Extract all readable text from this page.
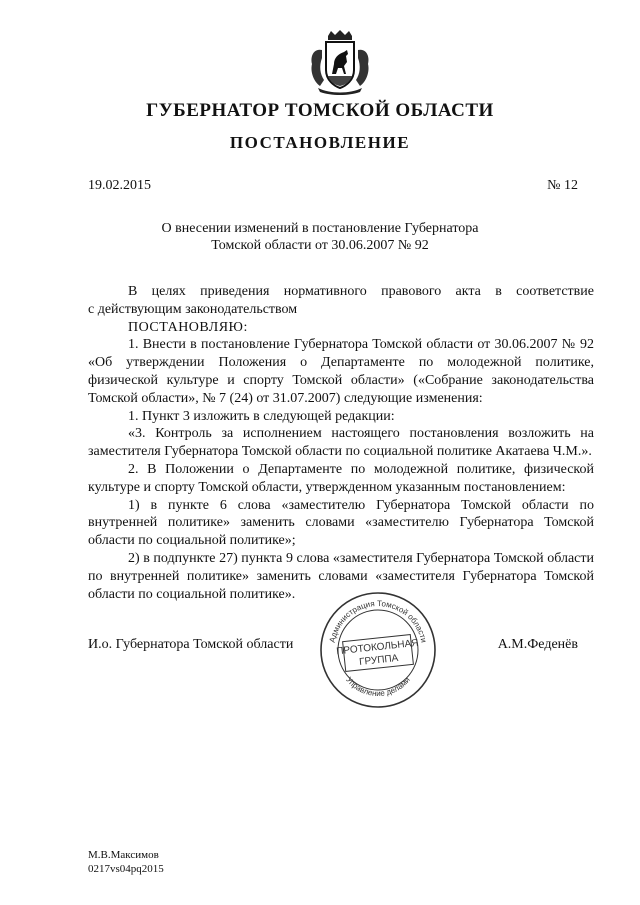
ГУБЕРНАТОР ТОМСКОЙ ОБЛАСТИ
ПОСТАНОВЛЕНИЕ
19.02.2015	№ 12
О внесении изменений в постановление Губернатора
Томской области от 30.06.2007 № 92

В целях приведения нормативного правового акта в соответствие

с действующим законодательством

ПОСТАНОВЛЯЮ:

1. Внести в постановление Губернатора Томской области от 30.06.2007 № 92 «Об утверждении Положения о Департаменте по молодежной политике, физической культуре и спорту Томской области» («Собрание законодательства Томской области», № 7 (24) от 31.07.2007) следующие изменения:

1. Пункт 3 изложить в следующей редакции:

«3. Контроль за исполнением настоящего постановления возложить на заместителя Губернатора Томской области по социальной политике Акатаева Ч.М.».

2. В Положении о Департаменте по молодежной политике, физической культуре и спорту Томской области, утвержденном указанным постановлением:

1) в пункте 6 слова «заместителю Губернатора Томской области по внутренней политике» заменить словами «заместителю Губернатора Томской области по социальной политике»;

2) в подпункте 27) пункта 9 слова «заместителя Губернатора Томской области по внутренней политике» заменить словами «заместителя Губернатора Томской области по социальной политике».

И.о. Губернатора Томской области	А.М.Феденёв
Администрация Томской области
Управление делами
ПРОТОКОЛЬНАЯ
ГРУППА
М.В.Максимов
0217vs04pq2015
